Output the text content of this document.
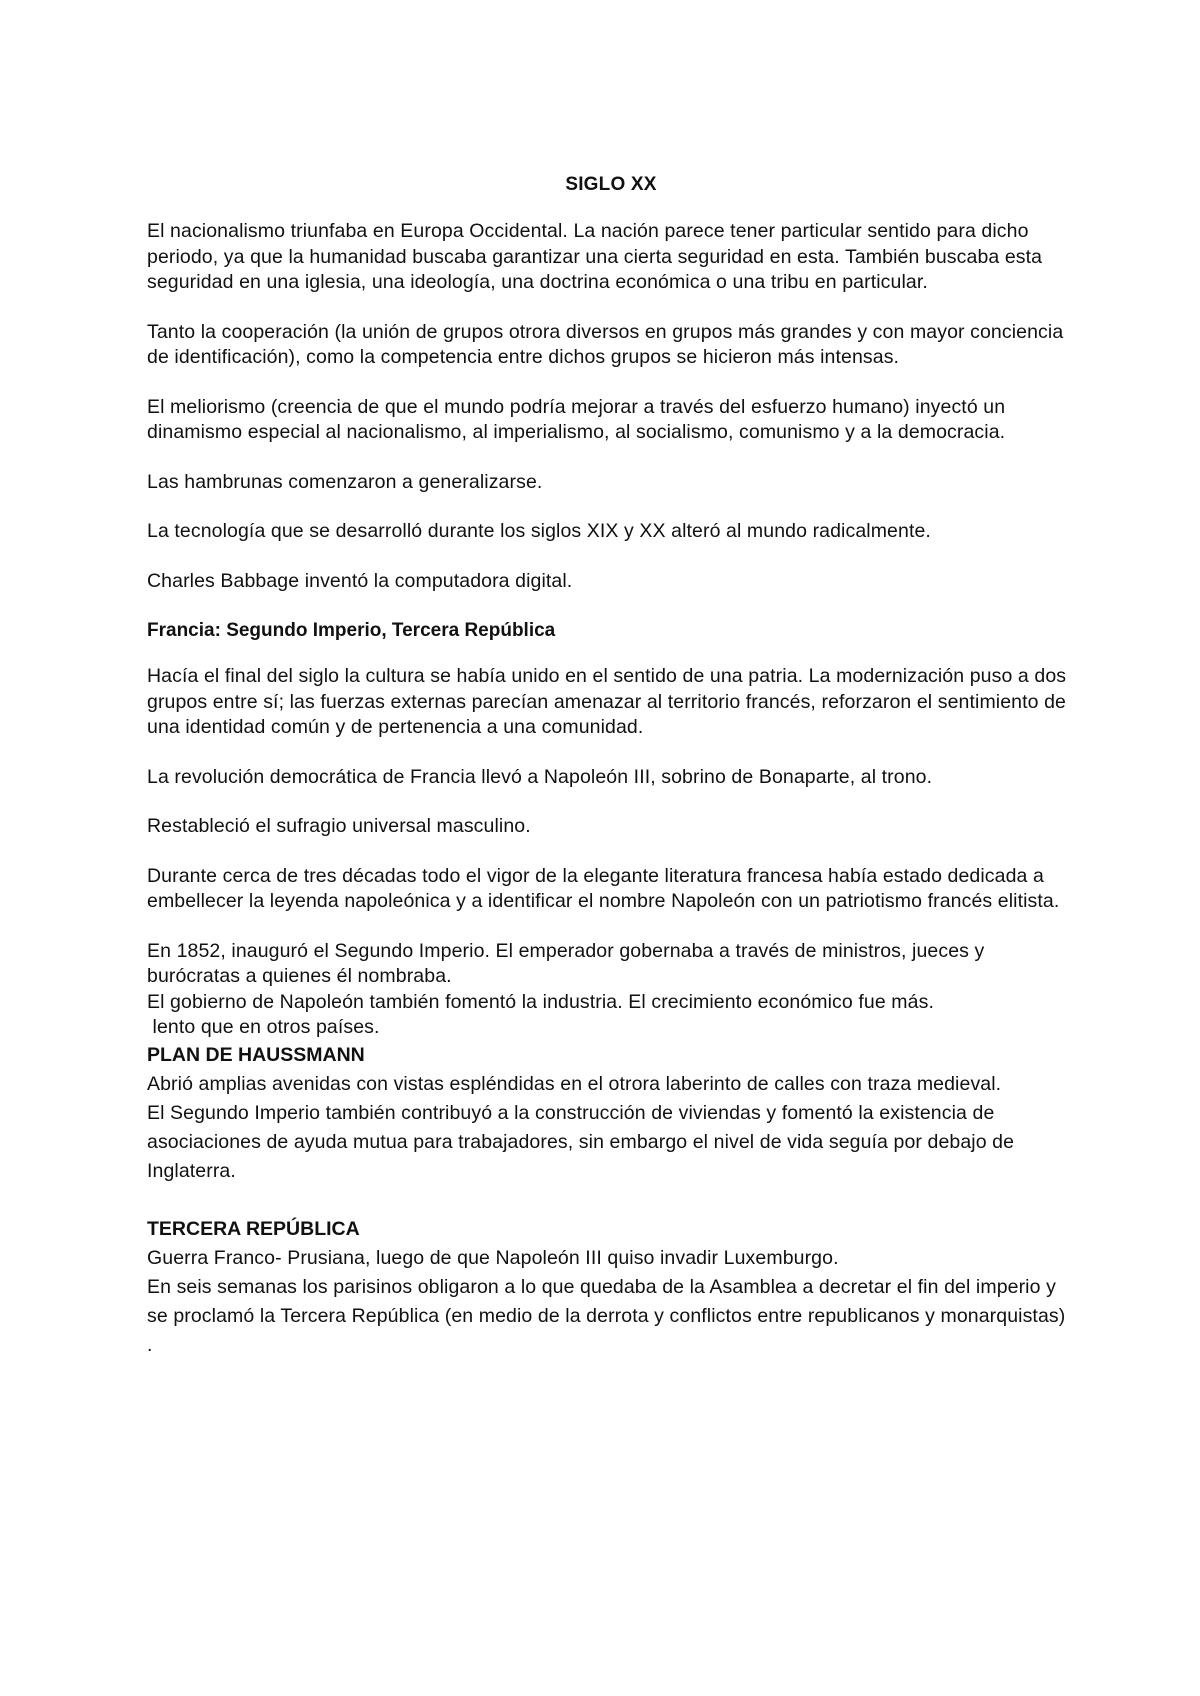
SIGLO XX
El nacionalismo triunfaba en Europa Occidental. La nación parece tener particular sentido para dicho periodo, ya que la humanidad buscaba garantizar una cierta seguridad en esta. También buscaba esta seguridad en una iglesia, una ideología, una doctrina económica o una tribu en particular.
Tanto la cooperación (la unión de grupos otrora diversos en grupos más grandes y con mayor conciencia de identificación), como la competencia entre dichos grupos se hicieron más intensas.
El meliorismo (creencia de que el mundo podría mejorar a través del esfuerzo humano) inyectó un dinamismo especial al nacionalismo, al imperialismo, al socialismo, comunismo y a la democracia.
Las hambrunas comenzaron a generalizarse.
La tecnología que se desarrolló durante los siglos XIX y XX alteró al mundo radicalmente.
Charles Babbage inventó la computadora digital.
Francia: Segundo Imperio, Tercera República
Hacía el final del siglo la cultura se había unido en el sentido de una patria. La modernización puso a dos grupos entre sí; las fuerzas externas parecían amenazar al territorio francés, reforzaron el sentimiento de una identidad común y de pertenencia a una comunidad.
La revolución democrática de Francia llevó a Napoleón III, sobrino de Bonaparte, al trono.
Restableció el sufragio universal masculino.
Durante cerca de tres décadas todo el vigor de la elegante literatura francesa había estado dedicada a embellecer la leyenda napoleónica y a identificar el nombre Napoleón con un patriotismo francés elitista.
En 1852, inauguró el Segundo Imperio. El emperador gobernaba a través de ministros, jueces y burócratas a quienes él nombraba.
El gobierno de Napoleón también fomentó la industria. El crecimiento económico fue más.
lento que en otros países.
PLAN DE HAUSSMANN
Abrió amplias avenidas con vistas espléndidas en el otrora laberinto de calles con traza medieval.
El Segundo Imperio también contribuyó a la construcción de viviendas y fomentó la existencia de asociaciones de ayuda mutua para trabajadores, sin embargo el nivel de vida seguía por debajo de Inglaterra.
TERCERA REPÚBLICA
Guerra Franco- Prusiana, luego de que Napoleón III quiso invadir Luxemburgo.
En seis semanas los parisinos obligaron a lo que quedaba de la Asamblea a decretar el fin del imperio y se proclamó la Tercera República (en medio de la derrota y conflictos entre republicanos y monarquistas) .
